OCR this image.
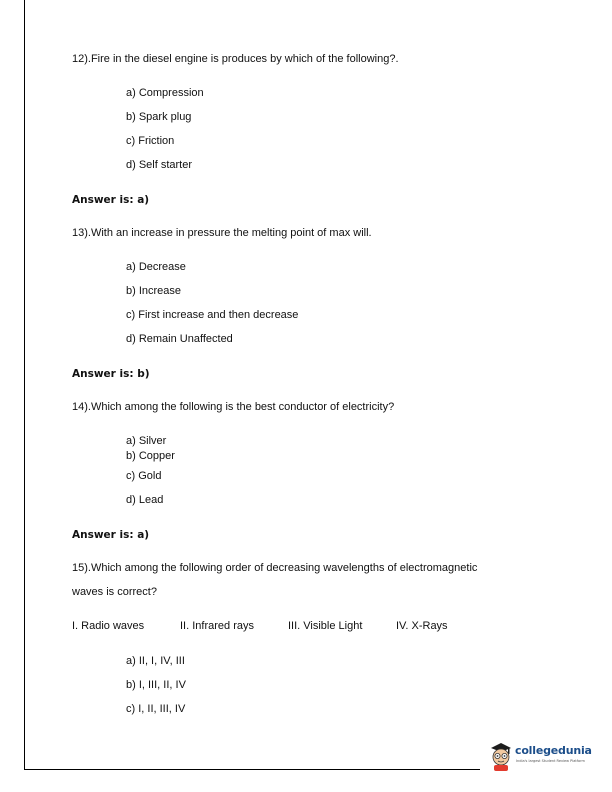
12).Fire in the diesel engine is produces by which of the following?.
a) Compression
b) Spark plug
c) Friction
d) Self starter
Answer is: a)
13).With an increase in pressure the melting point of max will.
a) Decrease
b) Increase
c) First increase and then decrease
d) Remain Unaffected
Answer is: b)
14).Which among the following is the best conductor of electricity?
a) Silver
b) Copper
c) Gold
d) Lead
Answer is: a)
15).Which among the following order of decreasing wavelengths of electromagnetic
waves is correct?
I. Radio waves	II. Infrared rays	III. Visible Light	IV. X-Rays
a) II, I, IV, III
b) I, III, II, IV
c) I, II, III, IV
collegedunia
India's largest Student Review Platform
